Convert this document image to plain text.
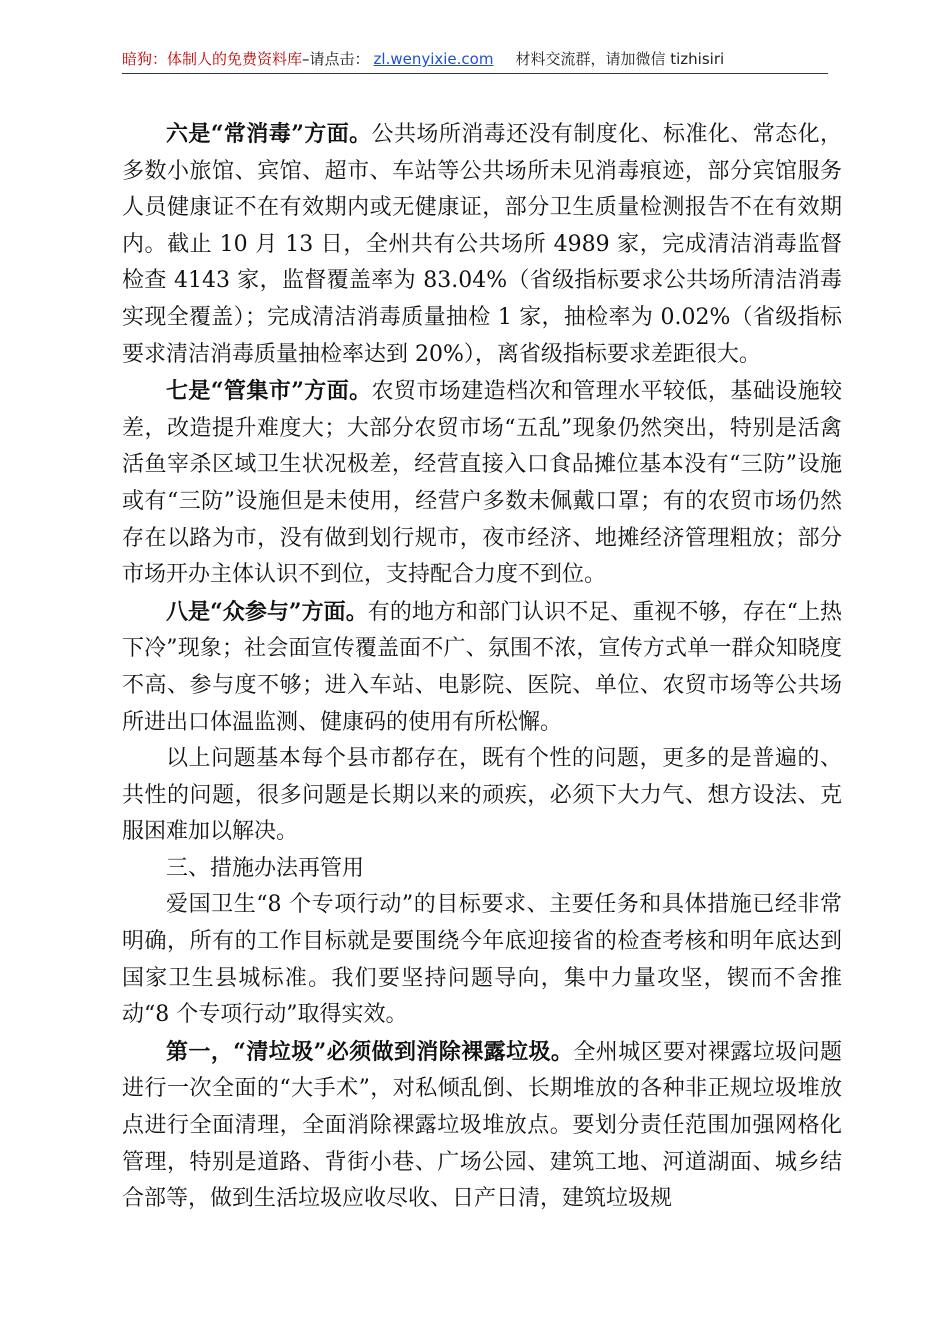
暗狗：体制人的免费资料库–请点击： zl.wenyixie.com 材料交流群，请加微信 tizhisiri

六是“常消毒”方面。公共场所消毒还没有制度化、标准化、常态化，多数小旅馆、宾馆、超市、车站等公共场所未见消毒痕迹，部分宾馆服务人员健康证不在有效期内或无健康证，部分卫生质量检测报告不在有效期内。截止 10 月 13 日，全州共有公共场所 4989 家，完成清洁消毒监督检查 4143 家，监督覆盖率为 83.04%（省级指标要求公共场所清洁消毒实现全覆盖）；完成清洁消毒质量抽检 1 家，抽检率为 0.02%（省级指标要求清洁消毒质量抽检率达到 20%），离省级指标要求差距很大。

七是“管集市”方面。农贸市场建造档次和管理水平较低，基础设施较差，改造提升难度大；大部分农贸市场“五乱”现象仍然突出，特别是活禽活鱼宰杀区域卫生状况极差，经营直接入口食品摊位基本没有“三防”设施或有“三防”设施但是未使用，经营户多数未佩戴口罩；有的农贸市场仍然存在以路为市，没有做到划行规市，夜市经济、地摊经济管理粗放；部分市场开办主体认识不到位，支持配合力度不到位。

八是“众参与”方面。有的地方和部门认识不足、重视不够，存在“上热下冷”现象；社会面宣传覆盖面不广、氛围不浓，宣传方式单一群众知晓度不高、参与度不够；进入车站、电影院、医院、单位、农贸市场等公共场所进出口体温监测、健康码的使用有所松懈。

以上问题基本每个县市都存在，既有个性的问题，更多的是普遍的、共性的问题，很多问题是长期以来的顽疾，必须下大力气、想方设法、克服困难加以解决。

三、措施办法再管用

爱国卫生“8 个专项行动”的目标要求、主要任务和具体措施已经非常明确，所有的工作目标就是要围绕今年底迎接省的检查考核和明年底达到国家卫生县城标准。我们要坚持问题导向，集中力量攻坚，锲而不舍推动“8 个专项行动”取得实效。

第一，“清垃圾”必须做到消除裸露垃圾。全州城区要对裸露垃圾问题进行一次全面的“大手术”，对私倾乱倒、长期堆放的各种非正规垃圾堆放点进行全面清理，全面消除裸露垃圾堆放点。要划分责任范围加强网格化管理，特别是道路、背街小巷、广场公园、建筑工地、河道湖面、城乡结合部等，做到生活垃圾应收尽收、日产日清，建筑垃圾规
